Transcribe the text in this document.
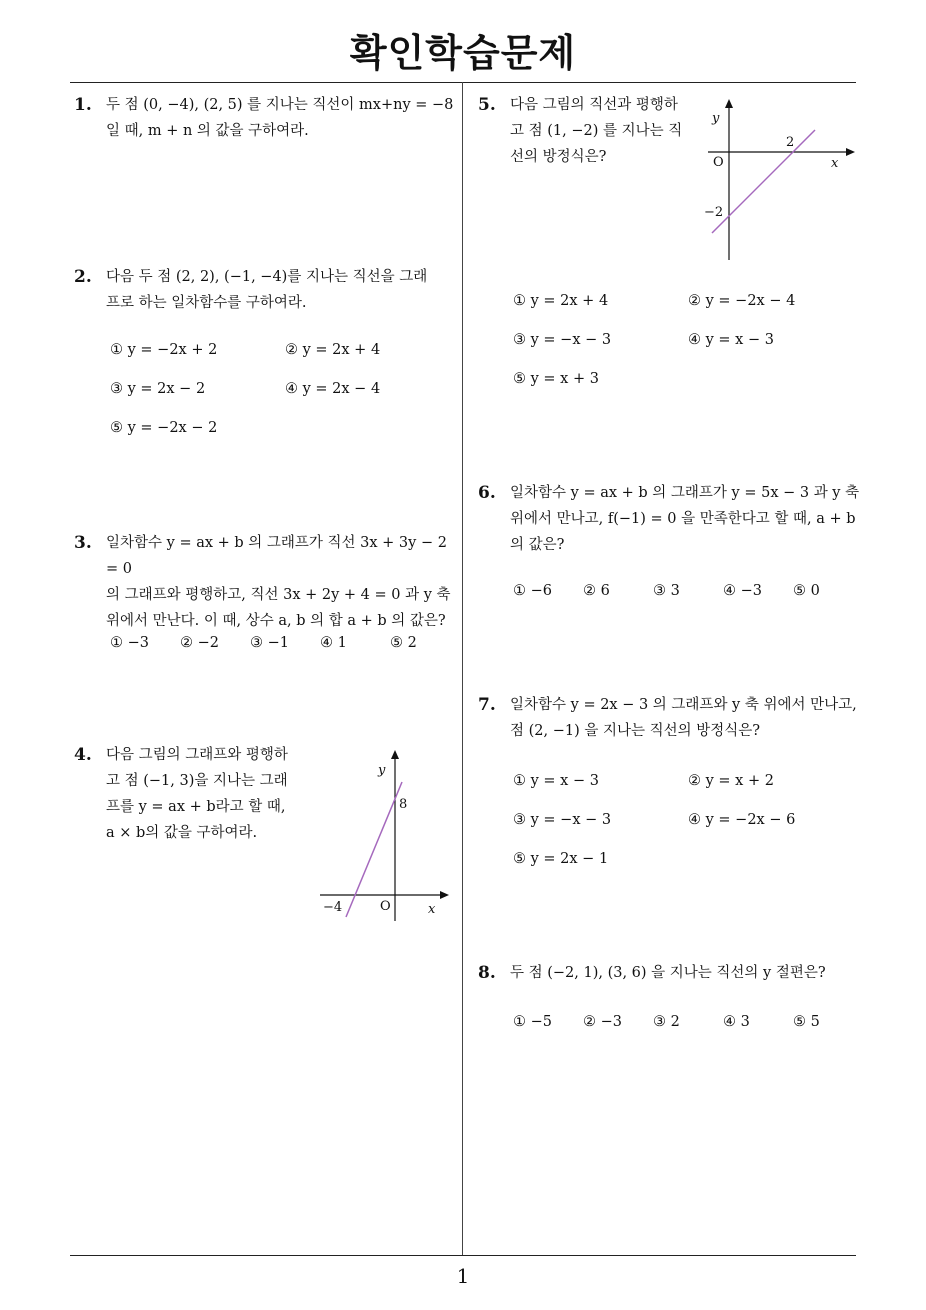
확인학습문제
1
1. 두 점 (0, −4), (2, 5) 를 지나는 직선이 mx+ny = −8
일 때, m + n 의 값을 구하여라.
2. 다음 두 점 (2, 2), (−1, −4)를 지나는 직선을 그래
프로 하는 일차함수를 구하여라.
① y = −2x + 2	② y = 2x + 4
③ y = 2x − 2	④ y = 2x − 4
⑤ y = −2x − 2
3. 일차함수 y = ax + b 의 그래프가 직선 3x + 3y − 2 = 0
의 그래프와 평행하고, 직선 3x + 2y + 4 = 0 과 y 축
위에서 만난다. 이 때, 상수 a, b 의 합 a + b 의 값은?
① −3 ② −2 ③ −1 ④ 1	⑤ 2
4. 다음 그림의 그래프와 평행하
고 점 (−1, 3)을 지나는 그래
프를 y = ax + b라고 할 때,
a × b의 값을 구하여라.
y
8
−4	O	x
5. 다음 그림의 직선과 평행하
고 점 (1, −2) 를 지나는 직
선의 방정식은?
y
2
O	x
−2
① y = 2x + 4	② y = −2x − 4
③ y = −x − 3	④ y = x − 3
⑤ y = x + 3
6. 일차함수 y = ax + b 의 그래프가 y = 5x − 3 과 y 축
위에서 만나고, f(−1) = 0 을 만족한다고 할 때, a + b
의 값은?
① −6 ② 6	③ 3	④ −3 ⑤ 0
7. 일차함수 y = 2x − 3 의 그래프와 y 축 위에서 만나고,
점 (2, −1) 을 지나는 직선의 방정식은?
① y = x − 3	② y = x + 2
③ y = −x − 3	④ y = −2x − 6
⑤ y = 2x − 1
8. 두 점 (−2, 1), (3, 6) 을 지나는 직선의 y 절편은?
① −5 ② −3 ③ 2	④ 3	⑤ 5
